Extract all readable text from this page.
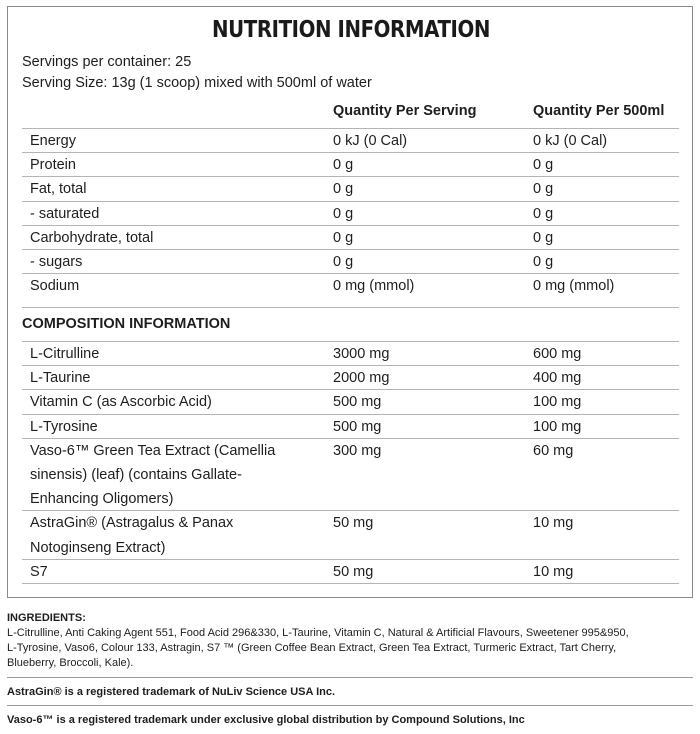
NUTRITION INFORMATION
Servings per container: 25
Serving Size: 13g (1 scoop) mixed with 500ml of water
Quantity Per Serving	Quantity Per 500ml
Energy	0 kJ (0 Cal)	0 kJ (0 Cal)
Protein	0 g	0 g
Fat, total	0 g	0 g
- saturated	0 g	0 g
Carbohydrate, total	0 g	0 g
- sugars	0 g	0 g
Sodium	0 mg (mmol)	0 mg (mmol)
COMPOSITION INFORMATION
L-Citrulline	3000 mg	600 mg
L-Taurine	2000 mg	400 mg
Vitamin C (as Ascorbic Acid)	500 mg	100 mg
L-Tyrosine	500 mg	100 mg
Vaso-6™ Green Tea Extract (Camellia
sinensis) (leaf) (contains Gallate-
Enhancing Oligomers)
300 mg	60 mg
AstraGin® (Astragalus & Panax
Notoginseng Extract)
50 mg	10 mg
S7	50 mg	10 mg
INGREDIENTS:
L-Citrulline, Anti Caking Agent 551, Food Acid 296&330, L-Taurine, Vitamin C, Natural & Artificial Flavours, Sweetener 995&950,
L-Tyrosine, Vaso6, Colour 133, Astragin, S7 ™ (Green Coffee Bean Extract, Green Tea Extract, Turmeric Extract, Tart Cherry,
Blueberry, Broccoli, Kale).
AstraGin® is a registered trademark of NuLiv Science USA Inc.
Vaso-6™ is a registered trademark under exclusive global distribution by Compound Solutions, Inc
